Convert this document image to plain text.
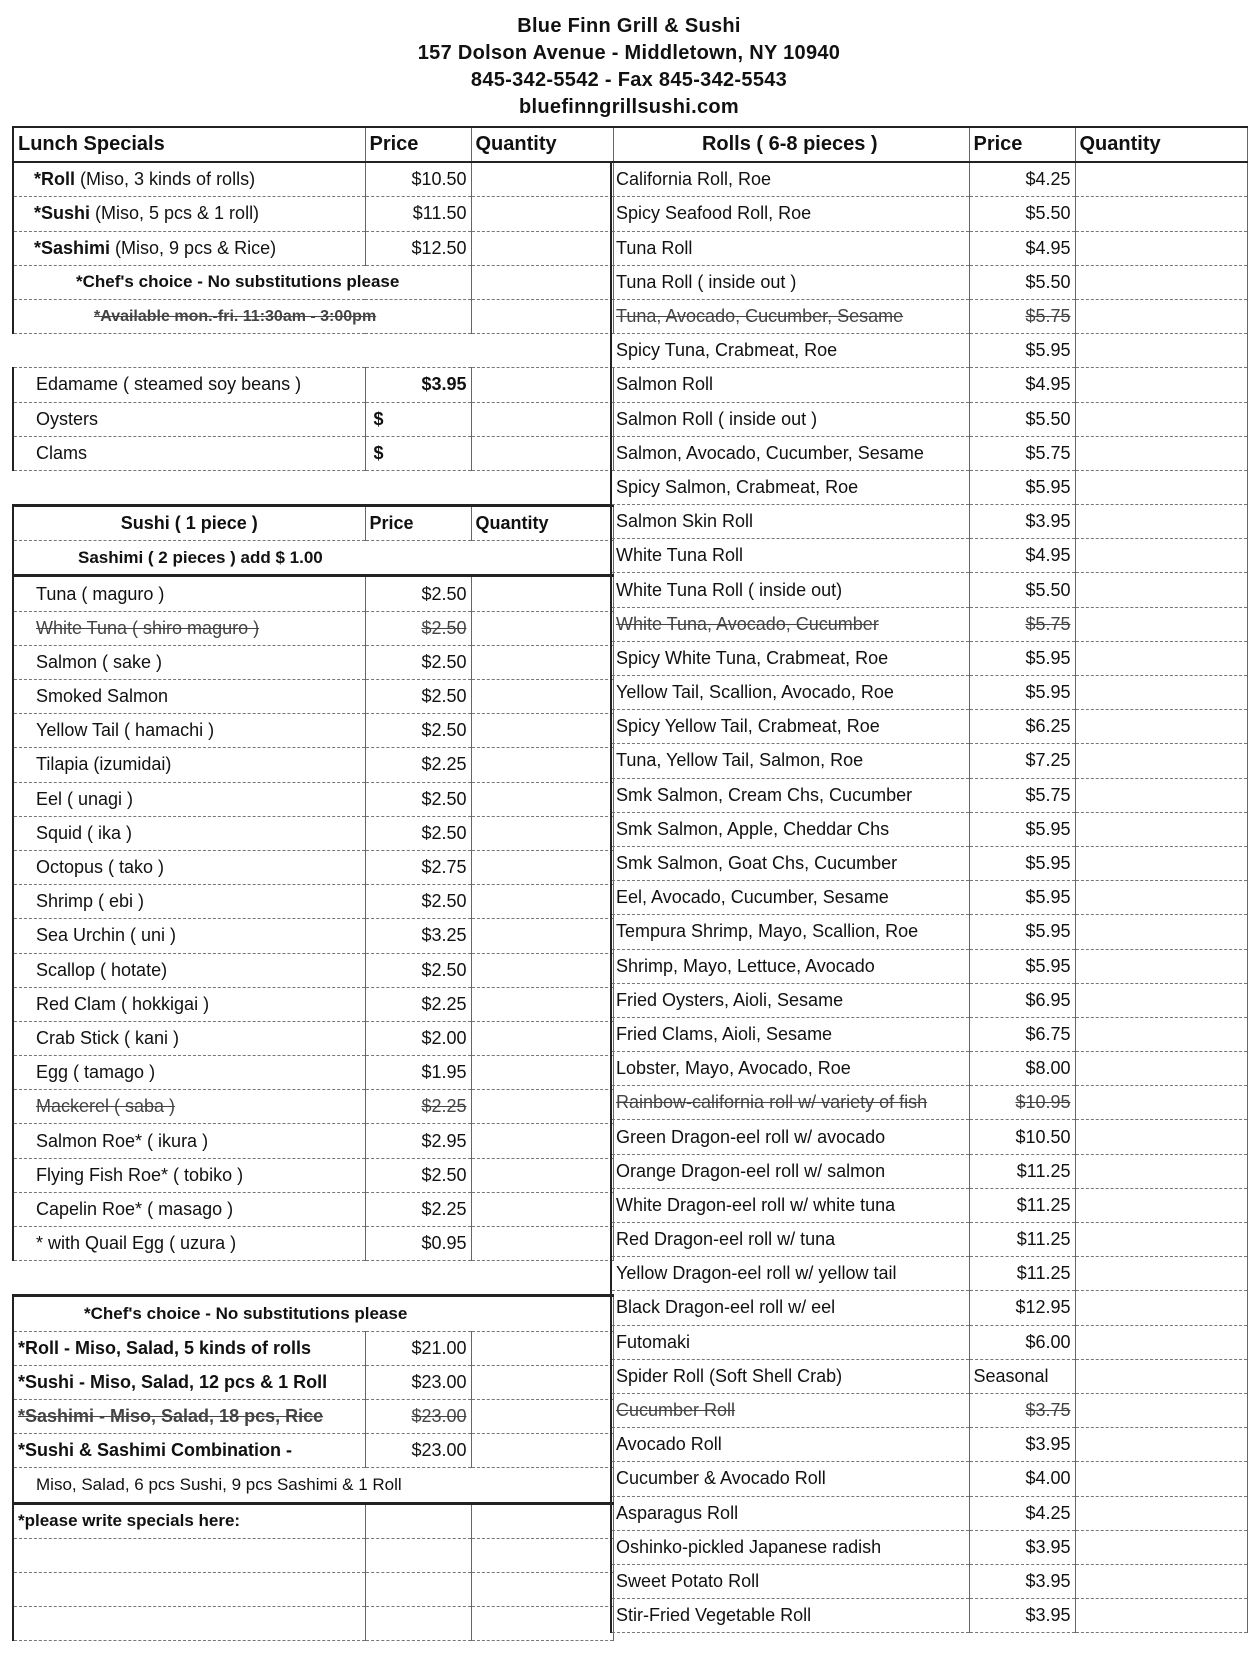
Blue Finn Grill & Sushi
157 Dolson Avenue - Middletown, NY 10940
845-342-5542 - Fax 845-342-5543
bluefinngrillsushi.com
Lunch Specials	Price	Quantity
*Roll (Miso, 3 kinds of rolls)	$10.50	
*Sushi (Miso, 5 pcs & 1 roll)	$11.50	
*Sashimi (Miso, 9 pcs & Rice)	$12.50	
*Chef's choice - No substitutions please		
*Available mon.-fri. 11:30am - 3:00pm		

Edamame ( steamed soy beans )	$3.95	
Oysters	$	
Clams	$	

Sushi ( 1 piece )	Price	Quantity
Sashimi ( 2 pieces ) add $ 1.00		
Tuna ( maguro )	$2.50	
White Tuna ( shiro maguro )	$2.50	
Salmon ( sake )	$2.50	
Smoked Salmon	$2.50	
Yellow Tail ( hamachi )	$2.50	
Tilapia (izumidai)	$2.25	
Eel ( unagi )	$2.50	
Squid ( ika )	$2.50	
Octopus ( tako )	$2.75	
Shrimp ( ebi )	$2.50	
Sea Urchin ( uni )	$3.25	
Scallop ( hotate)	$2.50	
Red Clam ( hokkigai )	$2.25	
Crab Stick ( kani )	$2.00	
Egg ( tamago )	$1.95	
Mackerel ( saba )	$2.25	
Salmon Roe* ( ikura )	$2.95	
Flying Fish Roe* ( tobiko )	$2.50	
Capelin Roe* ( masago )	$2.25	
* with Quail Egg ( uzura )	$0.95	

*Chef's choice - No substitutions please		
*Roll - Miso, Salad, 5 kinds of rolls	$21.00	
*Sushi - Miso, Salad, 12 pcs & 1 Roll	$23.00	
*Sashimi - Miso, Salad, 18 pcs, Rice	$23.00	
*Sushi & Sashimi Combination -	$23.00	
Miso, Salad, 6 pcs Sushi, 9 pcs Sashimi & 1 Roll		
*please write specials here:		

Rolls ( 6-8 pieces )	Price	Quantity
California Roll, Roe	$4.25	
Spicy Seafood Roll, Roe	$5.50	
Tuna Roll	$4.95	
Tuna Roll ( inside out )	$5.50	
Tuna, Avocado, Cucumber, Sesame	$5.75	
Spicy Tuna, Crabmeat, Roe	$5.95	
Salmon Roll	$4.95	
Salmon Roll ( inside out )	$5.50	
Salmon, Avocado, Cucumber, Sesame	$5.75	
Spicy Salmon, Crabmeat, Roe	$5.95	
Salmon Skin Roll	$3.95	
White Tuna Roll	$4.95	
White Tuna Roll ( inside out)	$5.50	
White Tuna, Avocado, Cucumber	$5.75	
Spicy White Tuna, Crabmeat, Roe	$5.95	
Yellow Tail, Scallion, Avocado, Roe	$5.95	
Spicy Yellow Tail, Crabmeat, Roe	$6.25	
Tuna, Yellow Tail, Salmon, Roe	$7.25	
Smk Salmon, Cream Chs, Cucumber	$5.75	
Smk Salmon, Apple, Cheddar Chs	$5.95	
Smk Salmon, Goat Chs, Cucumber	$5.95	
Eel, Avocado, Cucumber, Sesame	$5.95	
Tempura Shrimp, Mayo, Scallion, Roe	$5.95	
Shrimp, Mayo, Lettuce, Avocado	$5.95	
Fried Oysters, Aioli, Sesame	$6.95	
Fried Clams, Aioli, Sesame	$6.75	
Lobster, Mayo, Avocado, Roe	$8.00	
Rainbow-california roll w/ variety of fish	$10.95	
Green Dragon-eel roll w/ avocado	$10.50	
Orange Dragon-eel roll w/ salmon	$11.25	
White Dragon-eel roll w/ white tuna	$11.25	
Red Dragon-eel roll w/ tuna	$11.25	
Yellow Dragon-eel roll w/ yellow tail	$11.25	
Black Dragon-eel roll w/ eel	$12.95	
Futomaki	$6.00	
Spider Roll (Soft Shell Crab)	Seasonal	
Cucumber Roll	$3.75	
Avocado Roll	$3.95	
Cucumber & Avocado Roll	$4.00	
Asparagus Roll	$4.25	
Oshinko-pickled Japanese radish	$3.95	
Sweet Potato Roll	$3.95	
Stir-Fried Vegetable Roll	$3.95	
